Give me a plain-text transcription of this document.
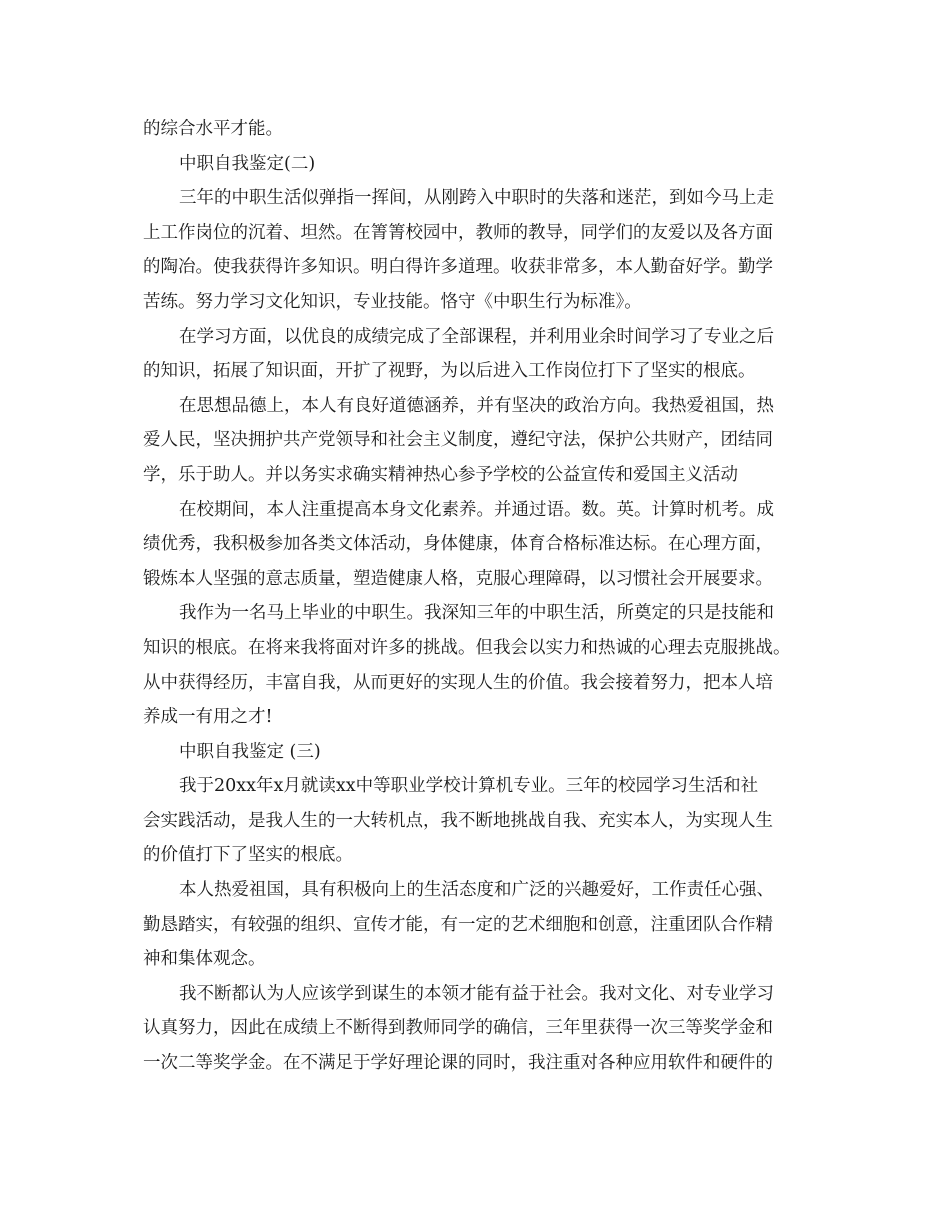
的综合水平才能。
中职自我鉴定(二)
三年的中职生活似弹指一挥间，从刚跨入中职时的失落和迷茫，到如今马上走
上工作岗位的沉着、坦然。在箐箐校园中，教师的教导，同学们的友爱以及各方面
的陶冶。使我获得许多知识。明白得许多道理。收获非常多，本人勤奋好学。勤学
苦练。努力学习文化知识，专业技能。恪守《中职生行为标准》。
在学习方面，以优良的成绩完成了全部课程，并利用业余时间学习了专业之后
的知识，拓展了知识面，开扩了视野，为以后进入工作岗位打下了坚实的根底。
在思想品德上，本人有良好道德涵养，并有坚决的政治方向。我热爱祖国，热
爱人民，坚决拥护共产党领导和社会主义制度，遵纪守法，保护公共财产，团结同
学，乐于助人。并以务实求确实精神热心参予学校的公益宣传和爱国主义活动
在校期间，本人注重提高本身文化素养。并通过语。数。英。计算时机考。成
绩优秀，我积极参加各类文体活动，身体健康，体育合格标准达标。在心理方面，
锻炼本人坚强的意志质量，塑造健康人格，克服心理障碍，以习惯社会开展要求。
我作为一名马上毕业的中职生。我深知三年的中职生活，所奠定的只是技能和
知识的根底。在将来我将面对许多的挑战。但我会以实力和热诚的心理去克服挑战。
从中获得经历，丰富自我，从而更好的实现人生的价值。我会接着努力，把本人培
养成一有用之才!
中职自我鉴定 (三)
我于20xx年x月就读xx中等职业学校计算机专业。三年的校园学习生活和社
会实践活动，是我人生的一大转机点，我不断地挑战自我、充实本人，为实现人生
的价值打下了坚实的根底。
本人热爱祖国，具有积极向上的生活态度和广泛的兴趣爱好，工作责任心强、
勤恳踏实，有较强的组织、宣传才能，有一定的艺术细胞和创意，注重团队合作精
神和集体观念。
我不断都认为人应该学到谋生的本领才能有益于社会。我对文化、对专业学习
认真努力，因此在成绩上不断得到教师同学的确信，三年里获得一次三等奖学金和
一次二等奖学金。在不满足于学好理论课的同时，我注重对各种应用软件和硬件的
